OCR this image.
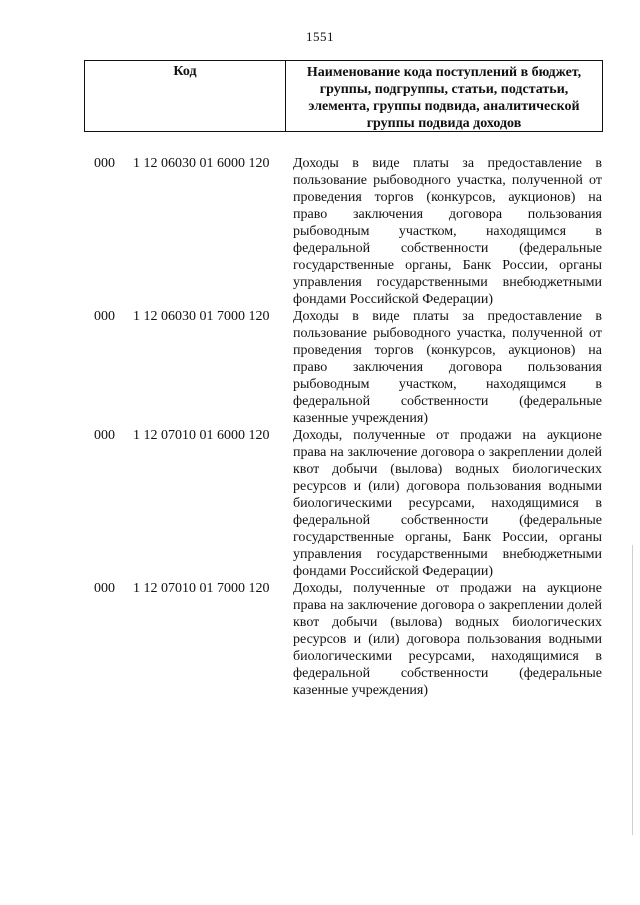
1551
Код	Наименование кода поступлений в бюджет, группы, подгруппы, статьи, подстатьи, элемента, группы подвида, аналитической группы подвида доходов
000 1 12 06030 01 6000 120 Доходы в виде платы за предоставление в пользование рыбоводного участка, полученной от проведения торгов (конкурсов, аукционов) на право заключения договора пользования рыбоводным участком, находящимся в федеральной собственности (федеральные государственные органы, Банк России, органы управления государственными внебюджетными фондами Российской Федерации)
000 1 12 06030 01 7000 120 Доходы в виде платы за предоставление в пользование рыбоводного участка, полученной от проведения торгов (конкурсов, аукционов) на право заключения договора пользования рыбоводным участком, находящимся в федеральной собственности (федеральные казенные учреждения)
000 1 12 07010 01 6000 120 Доходы, полученные от продажи на аукционе права на заключение договора о закреплении долей квот добычи (вылова) водных биологических ресурсов и (или) договора пользования водными биологическими ресурсами, находящимися в федеральной собственности (федеральные государственные органы, Банк России, органы управления государственными внебюджетными фондами Российской Федерации)
000 1 12 07010 01 7000 120 Доходы, полученные от продажи на аукционе права на заключение договора о закреплении долей квот добычи (вылова) водных биологических ресурсов и (или) договора пользования водными биологическими ресурсами, находящимися в федеральной собственности (федеральные казенные учреждения)
